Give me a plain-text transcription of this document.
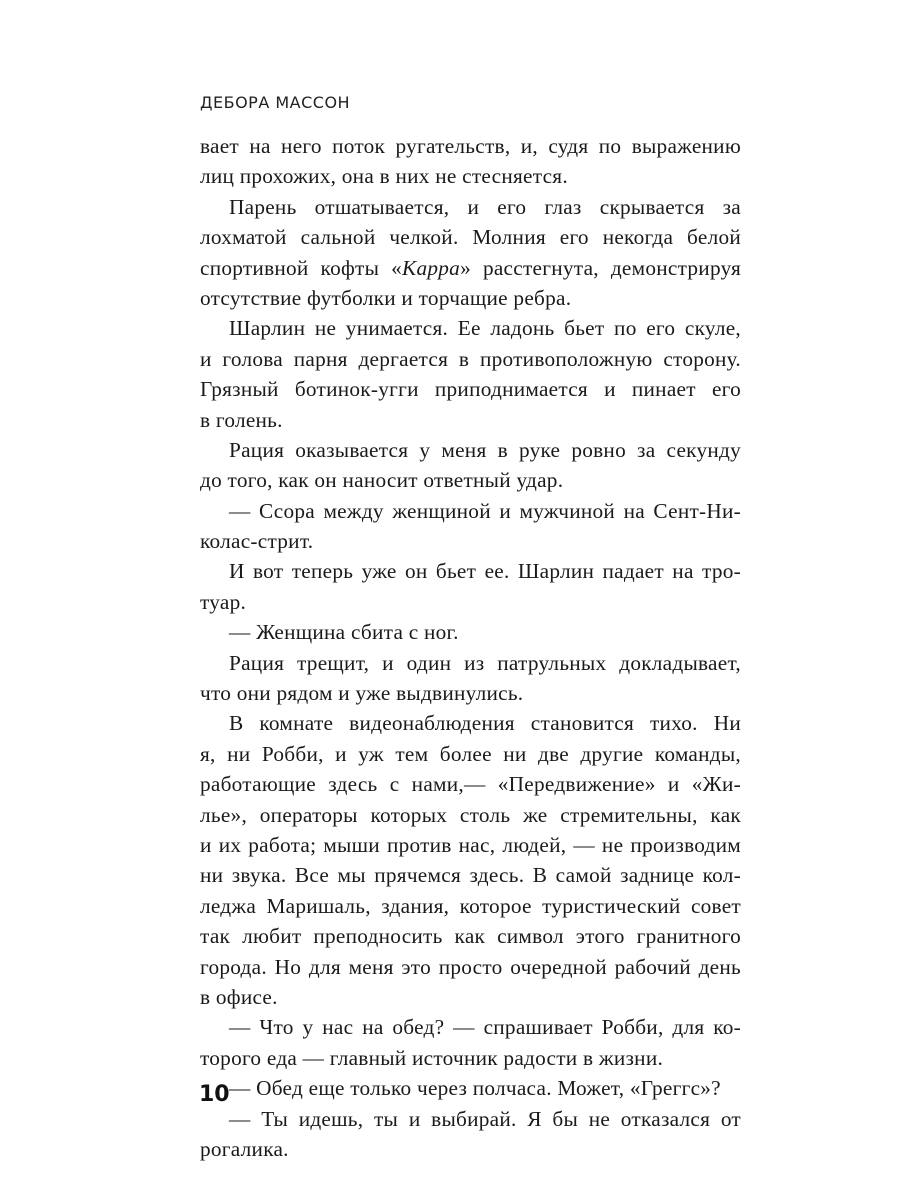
ДЕБОРА МАССОН
вает на него поток ругательств, и, судя по выражению
лиц прохожих, она в них не стесняется.
Парень отшатывается, и его глаз скрывается за
лохматой сальной челкой. Молния его некогда белой
спортивной кофты «Kappa» расстегнута, демонстрируя
отсутствие футболки и торчащие ребра.
Шарлин не унимается. Ее ладонь бьет по его скуле,
и голова парня дергается в противоположную сторону.
Грязный ботинок-угги приподнимается и пинает его
в голень.
Рация оказывается у меня в руке ровно за секунду
до того, как он наносит ответный удар.
— Ссора между женщиной и мужчиной на Сент-Ни-
колас-стрит.
И вот теперь уже он бьет ее. Шарлин падает на тро-
туар.
— Женщина сбита с ног.
Рация трещит, и один из патрульных докладывает,
что они рядом и уже выдвинулись.
В комнате видеонаблюдения становится тихо. Ни
я, ни Робби, и уж тем более ни две другие команды,
работающие здесь с нами,— «Передвижение» и «Жи-
лье», операторы которых столь же стремительны, как
и их работа; мыши против нас, людей, — не производим
ни звука. Все мы прячемся здесь. В самой заднице кол-
леджа Маришаль, здания, которое туристический совет
так любит преподносить как символ этого гранитного
города. Но для меня это просто очередной рабочий день
в офисе.
— Что у нас на обед? — спрашивает Робби, для ко-
торого еда — главный источник радости в жизни.
— Обед еще только через полчаса. Может, «Греггс»?
— Ты идешь, ты и выбирай. Я бы не отказался от
рогалика.
10
